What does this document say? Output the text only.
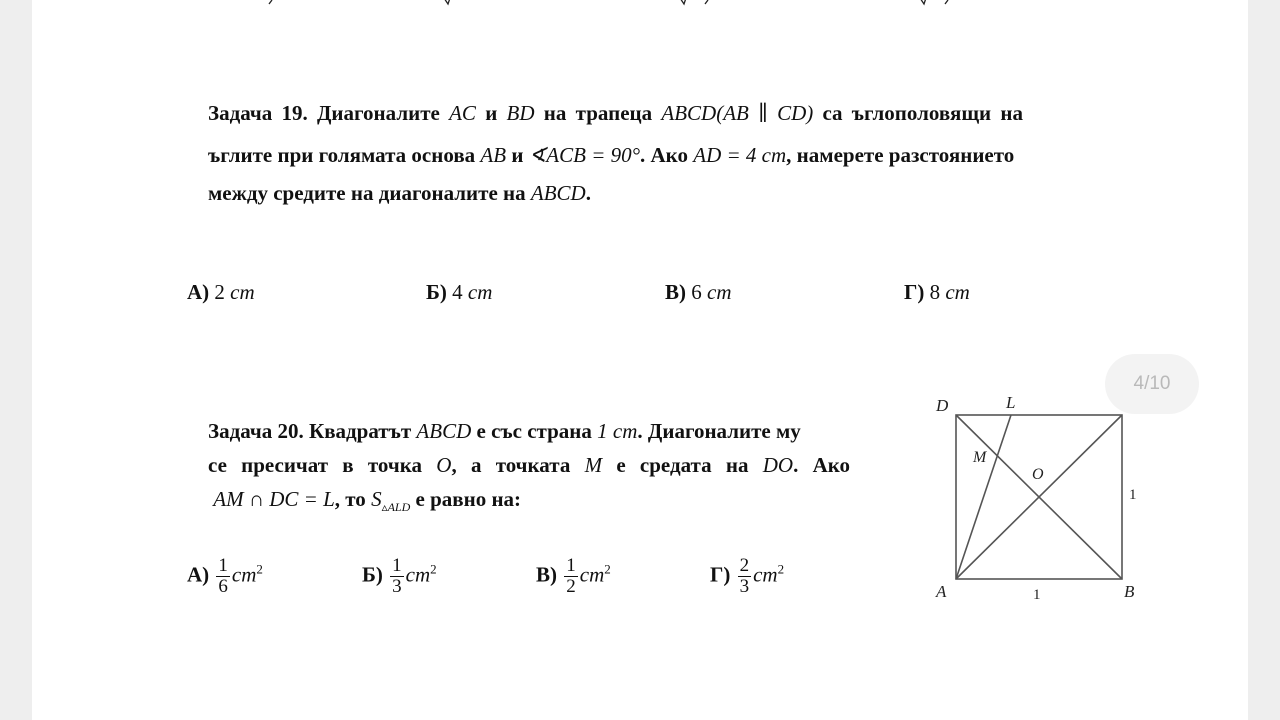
Задача 19. Диагоналите AC и BD на трапеца ABCD(AB ∥ CD) са ъглополовящи на
ъглите при голямата основа AB и ∢ACB = 90°. Ако AD = 4 cm, намерете разстоянието
между средите на диагоналите на ABCD.
А) 2 cm	Б) 4 cm	В) 6 cm	Г) 8 cm
Задача 20. Квадратът ABCD е със страна 1 cm. Диагоналите му
се пресичат в точка O, а точката M е средата на DO. Ако
AM ∩ DC = L, то $S_{▵ALD}$ е равно на:
$А) \frac{1}{6} cm^2$	$Б) \frac{1}{3} cm^2$	$В) \frac{1}{2} cm^2$	$Г) \frac{2}{3} cm^2$
D	L
M
O
A	B
1
1
4/10
